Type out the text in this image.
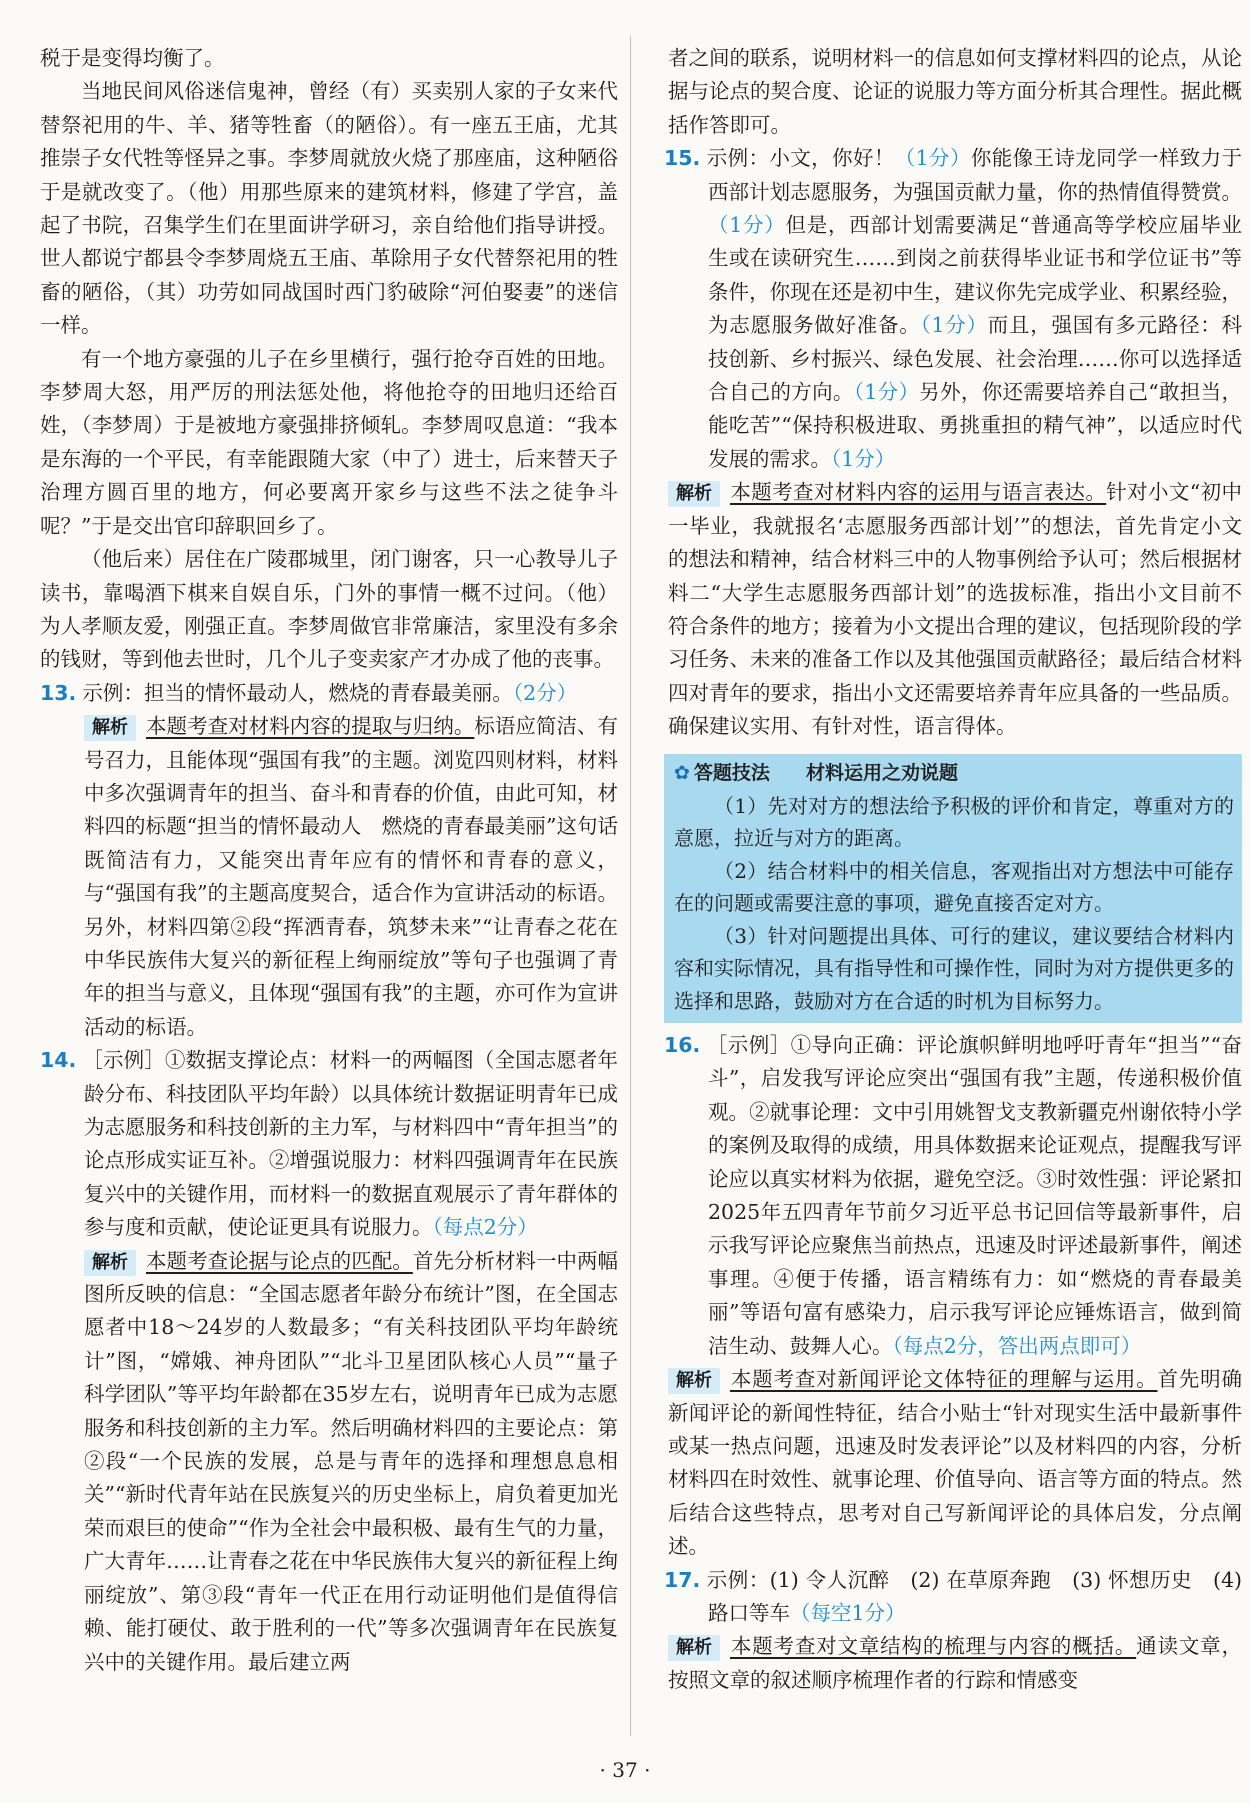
税于是变得均衡了。

当地民间风俗迷信鬼神，曾经（有）买卖别人家的子女来代替祭祀用的牛、羊、猪等牲畜（的陋俗）。有一座五王庙，尤其推崇子女代牲等怪异之事。李梦周就放火烧了那座庙，这种陋俗于是就改变了。（他）用那些原来的建筑材料，修建了学宫，盖起了书院，召集学生们在里面讲学研习，亲自给他们指导讲授。世人都说宁都县令李梦周烧五王庙、革除用子女代替祭祀用的牲畜的陋俗，（其）功劳如同战国时西门豹破除“河伯娶妻”的迷信一样。

有一个地方豪强的儿子在乡里横行，强行抢夺百姓的田地。李梦周大怒，用严厉的刑法惩处他，将他抢夺的田地归还给百姓，（李梦周）于是被地方豪强排挤倾轧。李梦周叹息道：“我本是东海的一个平民，有幸能跟随大家（中了）进士，后来替天子治理方圆百里的地方，何必要离开家乡与这些不法之徒争斗呢？”于是交出官印辞职回乡了。

（他后来）居住在广陵郡城里，闭门谢客，只一心教导儿子读书，靠喝酒下棋来自娱自乐，门外的事情一概不过问。（他）为人孝顺友爱，刚强正直。李梦周做官非常廉洁，家里没有多余的钱财，等到他去世时，几个儿子变卖家产才办成了他的丧事。

13. 示例：担当的情怀最动人，燃烧的青春最美丽。（2分）

解析 本题考查对材料内容的提取与归纳。标语应简洁、有号召力，且能体现“强国有我”的主题。浏览四则材料，材料中多次强调青年的担当、奋斗和青春的价值，由此可知，材料四的标题“担当的情怀最动人　燃烧的青春最美丽”这句话既简洁有力，又能突出青年应有的情怀和青春的意义，与“强国有我”的主题高度契合，适合作为宣讲活动的标语。另外，材料四第②段“挥洒青春，筑梦未来”“让青春之花在中华民族伟大复兴的新征程上绚丽绽放”等句子也强调了青年的担当与意义，且体现“强国有我”的主题，亦可作为宣讲活动的标语。

14. ［示例］①数据支撑论点：材料一的两幅图（全国志愿者年龄分布、科技团队平均年龄）以具体统计数据证明青年已成为志愿服务和科技创新的主力军，与材料四中“青年担当”的论点形成实证互补。②增强说服力：材料四强调青年在民族复兴中的关键作用，而材料一的数据直观展示了青年群体的参与度和贡献，使论证更具有说服力。（每点2分）

解析 本题考查论据与论点的匹配。首先分析材料一中两幅图所反映的信息：“全国志愿者年龄分布统计”图，在全国志愿者中18～24岁的人数最多；“有关科技团队平均年龄统计”图，“嫦娥、神舟团队”“北斗卫星团队核心人员”“量子科学团队”等平均年龄都在35岁左右，说明青年已成为志愿服务和科技创新的主力军。然后明确材料四的主要论点：第②段“一个民族的发展，总是与青年的选择和理想息息相关”“新时代青年站在民族复兴的历史坐标上，肩负着更加光荣而艰巨的使命”“作为全社会中最积极、最有生气的力量，广大青年……让青春之花在中华民族伟大复兴的新征程上绚丽绽放”、第③段“青年一代正在用行动证明他们是值得信赖、能打硬仗、敢于胜利的一代”等多次强调青年在民族复兴中的关键作用。最后建立两

者之间的联系，说明材料一的信息如何支撑材料四的论点，从论据与论点的契合度、论证的说服力等方面分析其合理性。据此概括作答即可。

15. 示例：小文，你好！（1分）你能像王诗龙同学一样致力于西部计划志愿服务，为强国贡献力量，你的热情值得赞赏。（1分）但是，西部计划需要满足“普通高等学校应届毕业生或在读研究生……到岗之前获得毕业证书和学位证书”等条件，你现在还是初中生，建议你先完成学业、积累经验，为志愿服务做好准备。（1分）而且，强国有多元路径：科技创新、乡村振兴、绿色发展、社会治理……你可以选择适合自己的方向。（1分）另外，你还需要培养自己“敢担当，能吃苦”“保持积极进取、勇挑重担的精气神”，以适应时代发展的需求。（1分）

解析 本题考查对材料内容的运用与语言表达。针对小文“初中一毕业，我就报名‘志愿服务西部计划’”的想法，首先肯定小文的想法和精神，结合材料三中的人物事例给予认可；然后根据材料二“大学生志愿服务西部计划”的选拔标准，指出小文目前不符合条件的地方；接着为小文提出合理的建议，包括现阶段的学习任务、未来的准备工作以及其他强国贡献路径；最后结合材料四对青年的要求，指出小文还需要培养青年应具备的一些品质。确保建议实用、有针对性，语言得体。

✿ 答题技法 材料运用之劝说题

（1）先对对方的想法给予积极的评价和肯定，尊重对方的意愿，拉近与对方的距离。

（2）结合材料中的相关信息，客观指出对方想法中可能存在的问题或需要注意的事项，避免直接否定对方。

（3）针对问题提出具体、可行的建议，建议要结合材料内容和实际情况，具有指导性和可操作性，同时为对方提供更多的选择和思路，鼓励对方在合适的时机为目标努力。

16. ［示例］①导向正确：评论旗帜鲜明地呼吁青年“担当”“奋斗”，启发我写评论应突出“强国有我”主题，传递积极价值观。②就事论理：文中引用姚智戈支教新疆克州谢依特小学的案例及取得的成绩，用具体数据来论证观点，提醒我写评论应以真实材料为依据，避免空泛。③时效性强：评论紧扣2025年五四青年节前夕习近平总书记回信等最新事件，启示我写评论应聚焦当前热点，迅速及时评述最新事件，阐述事理。④便于传播，语言精练有力：如“燃烧的青春最美丽”等语句富有感染力，启示我写评论应锤炼语言，做到简洁生动、鼓舞人心。（每点2分，答出两点即可）

解析 本题考查对新闻评论文体特征的理解与运用。首先明确新闻评论的新闻性特征，结合小贴士“针对现实生活中最新事件或某一热点问题，迅速及时发表评论”以及材料四的内容，分析材料四在时效性、就事论理、价值导向、语言等方面的特点。然后结合这些特点，思考对自己写新闻评论的具体启发，分点阐述。

17. 示例：(1) 令人沉醉　(2) 在草原奔跑　(3) 怀想历史　(4) 路口等车（每空1分）

解析 本题考查对文章结构的梳理与内容的概括。通读文章，按照文章的叙述顺序梳理作者的行踪和情感变

· 37 ·
